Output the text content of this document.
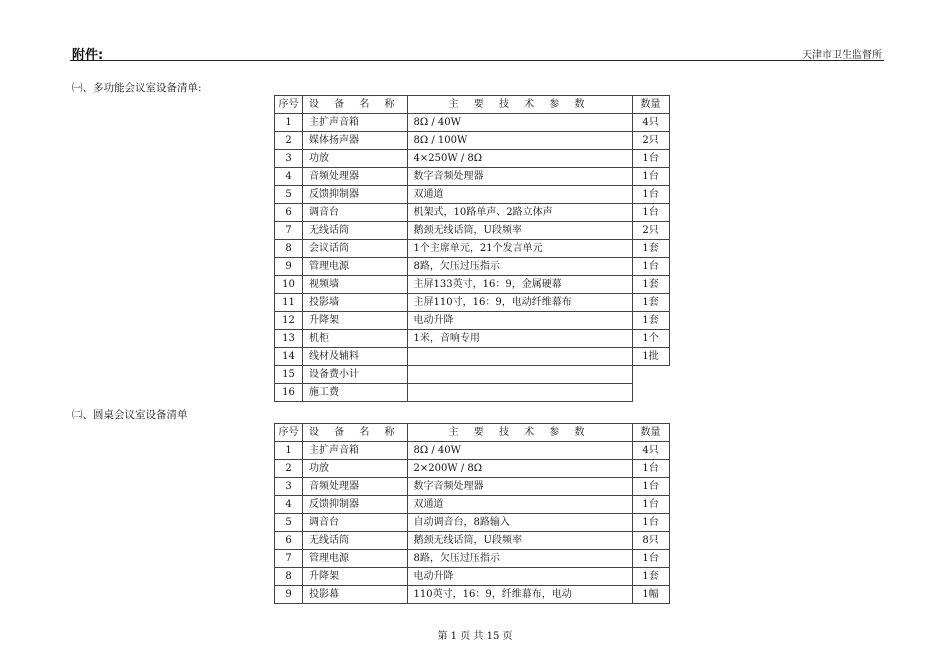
附件:	天津市卫生监督所
㈠、多功能会议室设备清单:
序号	设 备 名 称	主 要 技 术 参 数	数量
1	主扩声音箱	8Ω / 40W	4只
2	媒体扬声器	8Ω / 100W	2只
3	功放	4×250W / 8Ω	1台
4	音频处理器	数字音频处理器	1台
5	反馈抑制器	双通道	1台
6	调音台	机架式，10路单声、2路立体声	1台
7	无线话筒	鹅颈无线话筒，U段频率	2只
8	会议话筒	1个主席单元，21个发言单元	1套
9	管理电源	8路，欠压过压指示	1台
10	视频墙	主屏133英寸，16：9，金属硬幕	1套
11	投影墙	主屏110寸，16：9，电动纤维幕布	1套
12	升降架	电动升降	1套
13	机柜	1米，音响专用	1个
14	线材及辅料		1批
15	设备费小计		
16	施工费		
㈡、圆桌会议室设备清单
序号	设 备 名 称	主 要 技 术 参 数	数量
1	主扩声音箱	8Ω / 40W	4只
2	功放	2×200W / 8Ω	1台
3	音频处理器	数字音频处理器	1台
4	反馈抑制器	双通道	1台
5	调音台	自动调音台，8路输入	1台
6	无线话筒	鹅颈无线话筒，U段频率	8只
7	管理电源	8路，欠压过压指示	1台
8	升降架	电动升降	1套
9	投影幕	110英寸，16：9，纤维幕布，电动	1幅
第 1 页 共 15 页
